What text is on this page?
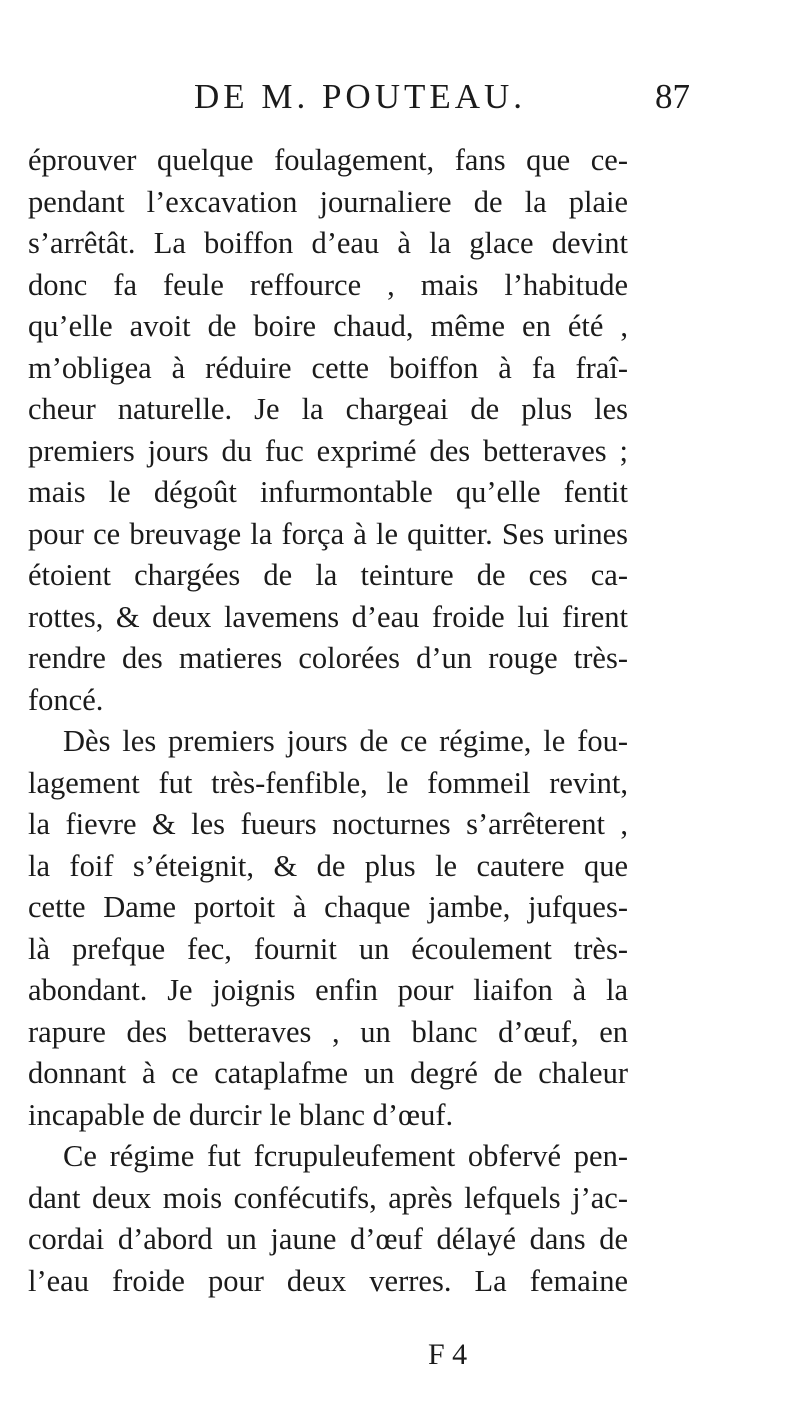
DE M. POUTEAU.	87
éprouver quelque foulagement, fans que ce-
pendant l’excavation journaliere de la plaie
s’arrêtât. La boiffon d’eau à la glace devint
donc fa feule reffource , mais l’habitude
qu’elle avoit de boire chaud, même en été ,
m’obligea à réduire cette boiffon à fa fraî-
cheur naturelle. Je la chargeai de plus les
premiers jours du fuc exprimé des betteraves ;
mais le dégoût infurmontable qu’elle fentit
pour ce breuvage la força à le quitter. Ses urines
étoient chargées de la teinture de ces ca-
rottes, & deux lavemens d’eau froide lui firent
rendre des matieres colorées d’un rouge très-
foncé.
Dès les premiers jours de ce régime, le fou-
lagement fut très-fenfible, le fommeil revint,
la fievre & les fueurs nocturnes s’arrêterent ,
la foif s’éteignit, & de plus le cautere que
cette Dame portoit à chaque jambe, jufques-
là prefque fec, fournit un écoulement très-
abondant. Je joignis enfin pour liaifon à la
rapure des betteraves , un blanc d’œuf, en
donnant à ce cataplafme un degré de chaleur
incapable de durcir le blanc d’œuf.
Ce régime fut fcrupuleufement obfervé pen-
dant deux mois confécutifs, après lefquels j’ac-
cordai d’abord un jaune d’œuf délayé dans de
l’eau froide pour deux verres. La femaine
F 4
